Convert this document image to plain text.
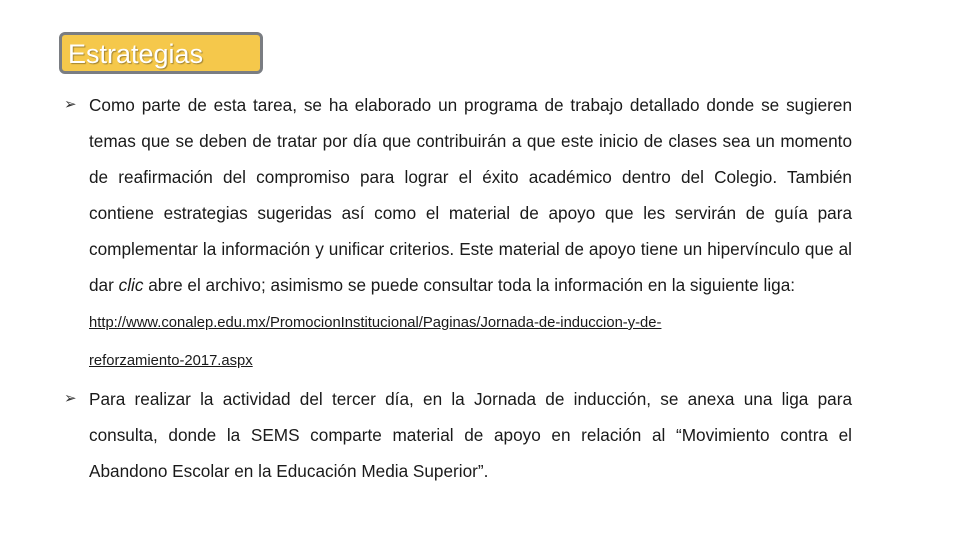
Estrategias
➢ Como parte de esta tarea, se ha elaborado un programa de trabajo detallado donde se sugieren temas que se deben de tratar por día que contribuirán a que este inicio de clases sea un momento de reafirmación del compromiso para lograr el éxito académico dentro del Colegio. También contiene estrategias sugeridas así como el material de apoyo que les servirán de guía para complementar la información y unificar criterios. Este material de apoyo tiene un hipervínculo que al dar clic abre el archivo; asimismo se puede consultar toda la información en la siguiente liga:
http://www.conalep.edu.mx/PromocionInstitucional/Paginas/Jornada-de-induccion-y-de-
reforzamiento-2017.aspx
➢ Para realizar la actividad del tercer día, en la Jornada de inducción, se anexa una liga para consulta, donde la SEMS comparte material de apoyo en relación al “Movimiento contra el Abandono Escolar en la Educación Media Superior”.
